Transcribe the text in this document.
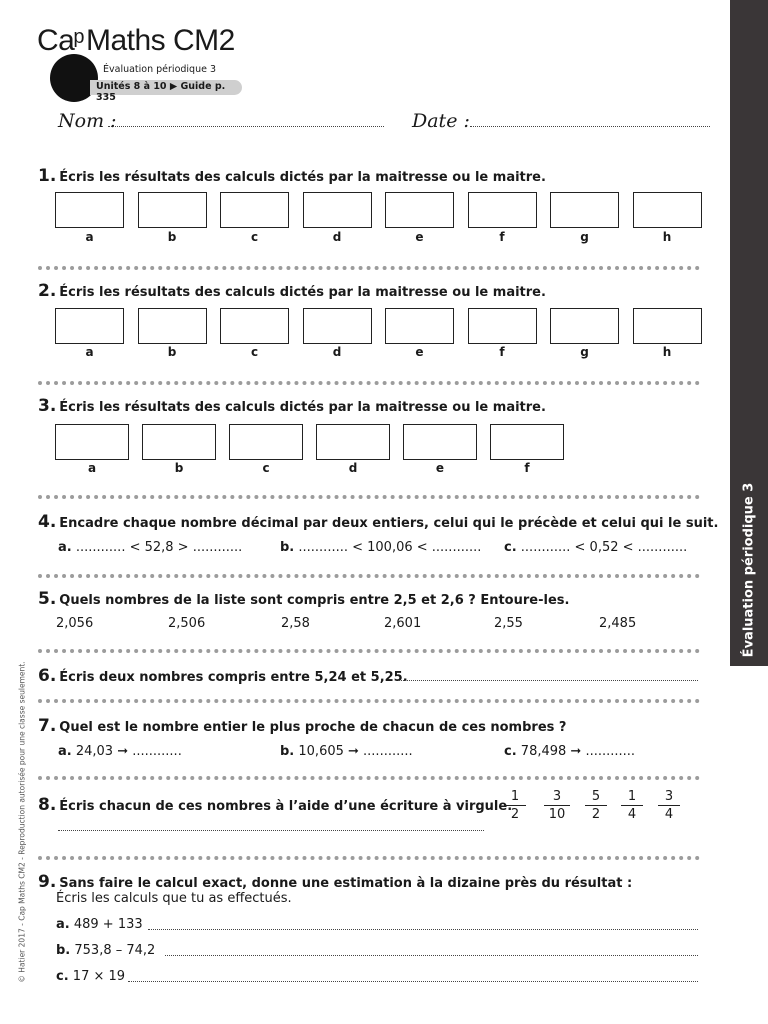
Ca$^p$Maths CM2
Évaluation périodique 3
Unités 8 à 10 ▶ Guide p. 335
Nom :	Date :
Évaluation périodique 3
© Hatier 2017 - Cap Maths CM2 - Reproduction autorisée pour une classe seulement.
1. Écris les résultats des calculs dictés par la maitresse ou le maitre.
a	b	c	d	e	f	g	h
2. Écris les résultats des calculs dictés par la maitresse ou le maitre.
a	b	c	d	e	f	g	h
3. Écris les résultats des calculs dictés par la maitresse ou le maitre.
a	b	c	d	e	f
4. Encadre chaque nombre décimal par deux entiers, celui qui le précède et celui qui le suit.
a. ............ < 52,8 > ............	b. ............ < 100,06 < ............ c. ............ < 0,52 < ............
5. Quels nombres de la liste sont compris entre 2,5 et 2,6 ? Entoure-les.
2,056	2,506	2,58	2,601	2,55	2,485
6. Écris deux nombres compris entre 5,24 et 5,25.
7. Quel est le nombre entier le plus proche de chacun de ces nombres ?
a. 24,03 ➞ ............	b. 10,605 ➞ ............	c. 78,498 ➞ ............
8. Écris chacun de ces nombres à l’aide d’une écriture à virgule.
$\frac{1}{2} \frac{3}{10} \frac{5}{2} \frac{1}{4} \frac{3}{4}$
9. Sans faire le calcul exact, donne une estimation à la dizaine près du résultat :
Écris les calculs que tu as effectués.
a. 489 + 133
b. 753,8 – 74,2
c. 17 × 19
